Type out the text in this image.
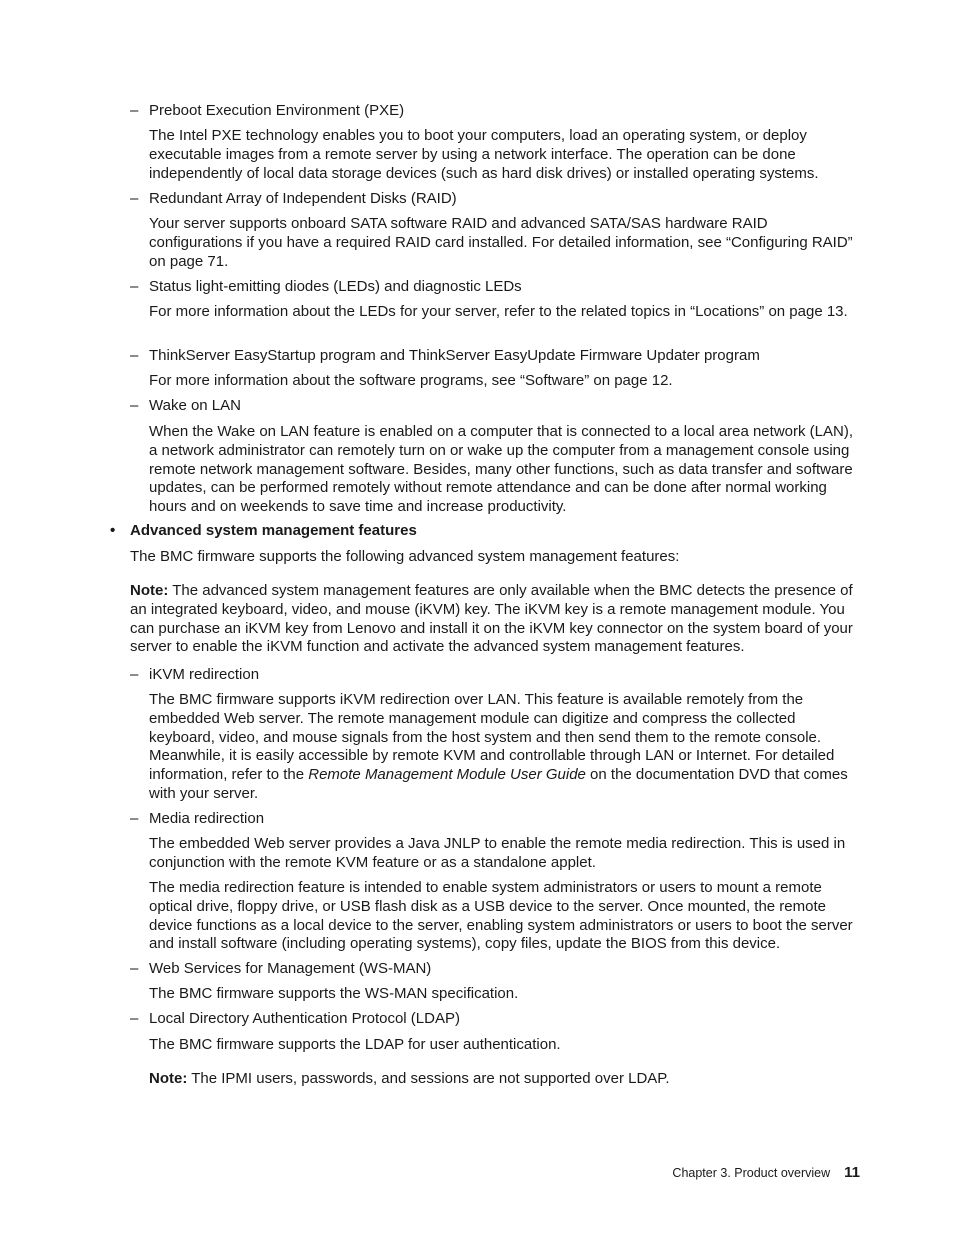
– Preboot Execution Environment (PXE)
The Intel PXE technology enables you to boot your computers, load an operating system, or deploy executable images from a remote server by using a network interface. The operation can be done independently of local data storage devices (such as hard disk drives) or installed operating systems.
– Redundant Array of Independent Disks (RAID)
Your server supports onboard SATA software RAID and advanced SATA/SAS hardware RAID configurations if you have a required RAID card installed. For detailed information, see “Configuring RAID” on page 71.
– Status light-emitting diodes (LEDs) and diagnostic LEDs
For more information about the LEDs for your server, refer to the related topics in “Locations” on page 13.
– ThinkServer EasyStartup program and ThinkServer EasyUpdate Firmware Updater program
For more information about the software programs, see “Software” on page 12.
– Wake on LAN
When the Wake on LAN feature is enabled on a computer that is connected to a local area network (LAN), a network administrator can remotely turn on or wake up the computer from a management console using remote network management software. Besides, many other functions, such as data transfer and software updates, can be performed remotely without remote attendance and can be done after normal working hours and on weekends to save time and increase productivity.
• Advanced system management features
The BMC firmware supports the following advanced system management features:
Note: The advanced system management features are only available when the BMC detects the presence of an integrated keyboard, video, and mouse (iKVM) key. The iKVM key is a remote management module. You can purchase an iKVM key from Lenovo and install it on the iKVM key connector on the system board of your server to enable the iKVM function and activate the advanced system management features.
– iKVM redirection
The BMC firmware supports iKVM redirection over LAN. This feature is available remotely from the embedded Web server. The remote management module can digitize and compress the collected keyboard, video, and mouse signals from the host system and then send them to the remote console. Meanwhile, it is easily accessible by remote KVM and controllable through LAN or Internet. For detailed information, refer to the Remote Management Module User Guide on the documentation DVD that comes with your server.
– Media redirection
The embedded Web server provides a Java JNLP to enable the remote media redirection. This is used in conjunction with the remote KVM feature or as a standalone applet.
The media redirection feature is intended to enable system administrators or users to mount a remote optical drive, floppy drive, or USB flash disk as a USB device to the server. Once mounted, the remote device functions as a local device to the server, enabling system administrators or users to boot the server and install software (including operating systems), copy files, update the BIOS from this device.
– Web Services for Management (WS-MAN)
The BMC firmware supports the WS-MAN specification.
– Local Directory Authentication Protocol (LDAP)
The BMC firmware supports the LDAP for user authentication.
Note: The IPMI users, passwords, and sessions are not supported over LDAP.
Chapter 3. Product overview 11
